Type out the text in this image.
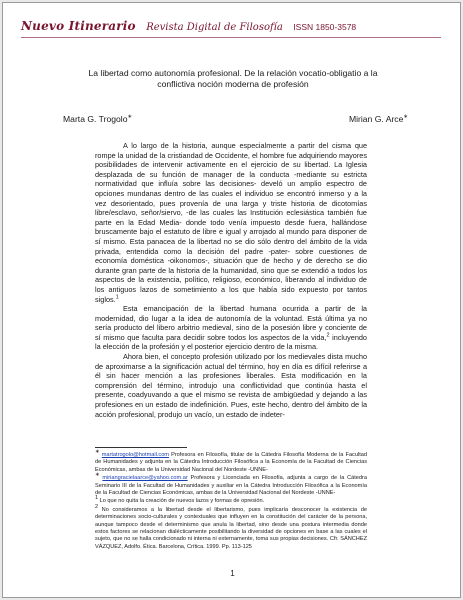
Nuevo Itinerario Revista Digital de Filosofía ISSN 1850-3578
La libertad como autonomía profesional. De la relación vocatio-obligatio a la
conflictiva noción moderna de profesión
Marta G. Trogolo∗	Mirian G. Arce∗

A lo largo de la historia, aunque especialmente a partir del cisma que rompe la unidad de la cristiandad de Occidente, el hombre fue adquiriendo mayores posibilidades de intervenir activamente en el ejercicio de su libertad. La Iglesia desplazada de su función de manager de la conducta -mediante su estricta normatividad que influía sobre las decisiones- develó un amplio espectro de opciones mundanas dentro de las cuales el individuo se encontró inmerso y a la vez desorientado, pues provenía de una larga y triste historia de dicotomías libre/esclavo, señor/siervo, -de las cuales las Institución eclesiástica también fue parte en la Edad Media- donde todo venía impuesto desde fuera, hallándose bruscamente bajo el estatuto de libre e igual y arrojado al mundo para disponer de sí mismo. Esta panacea de la libertad no se dio sólo dentro del ámbito de la vida privada, entendida como la decisión del padre -pater- sobre cuestiones de economía doméstica -oikonomos-, situación que de hecho y de derecho se dio durante gran parte de la historia de la humanidad, sino que se extendió a todos los aspectos de la existencia, político, religioso, económico, liberando al individuo de los antiguos lazos de sometimiento a los que había sido expuesto por tantos siglos.$^1$

Esta emancipación de la libertad humana ocurrida a partir de la modernidad, dio lugar a la idea de autonomía de la voluntad. Está última ya no sería producto del libero arbitrio medieval, sino de la posesión libre y conciente de sí mismo que faculta para decidir sobre todos los aspectos de la vida,$^2$ incluyendo la elección de la profesión y el posterior ejercicio dentro de la misma.

Ahora bien, el concepto profesión utilizado por los medievales dista mucho de aproximarse a la significación actual del término, hoy en día es difícil referirse a él sin hacer mención a las profesiones liberales. Esta modificación en la comprensión del término, introdujo una conflictividad que continúa hasta el presente, coadyuvando a que el mismo se revista de ambigüedad y dejando a las profesiones en un estado de indefinición. Pues, este hecho, dentro del ámbito de la acción profesional, produjo un vacío, un estado de indeter-

∗ martatrogolo@hotmail.com Profesora en Filosofía, titular de la Cátedra Filosofía Moderna de la Facultad de Humanidades y adjunta en la Cátedra Introducción Filosófica a la Economía de la Facultad de Ciencias Económicas, ambas de la Universidad Nacional del Nordeste -UNNE-
∗ miriangracielaarce@yahoo.com.ar Profesora y Licenciada en Filosofía, adjunta a cargo de la Cátedra Seminario III de la Facultad de Humanidades y auxiliar en la Cátedra Introducción Filosófica a la Economía de la Facultad de Ciencias Económicas, ambas de la Universidad Nacional del Nordeste -UNNE-
$^1$ Lo que no quita la creación de nuevos lazos y formas de opresión.
$^2$ No consideramos a la libertad desde el libertarismo, pues implicaría desconocer la existencia de determinaciones socio-culturales y contextuales que influyen en la constitución del carácter de la persona, aunque tampoco desde el determinismo que anula la libertad, sino desde una postura intermedia donde estos factores se relacionan dialécticamente posibilitando la diversidad de opciones en base a las cuales el sujeto, que no se halla condicionado ni interna ni externamente, toma sus propias decisiones. Cfr. SÁNCHEZ VÁZQUEZ, Adolfo. Ética. Barcelona, Crítica. 1999. Pp. 113-125
1
